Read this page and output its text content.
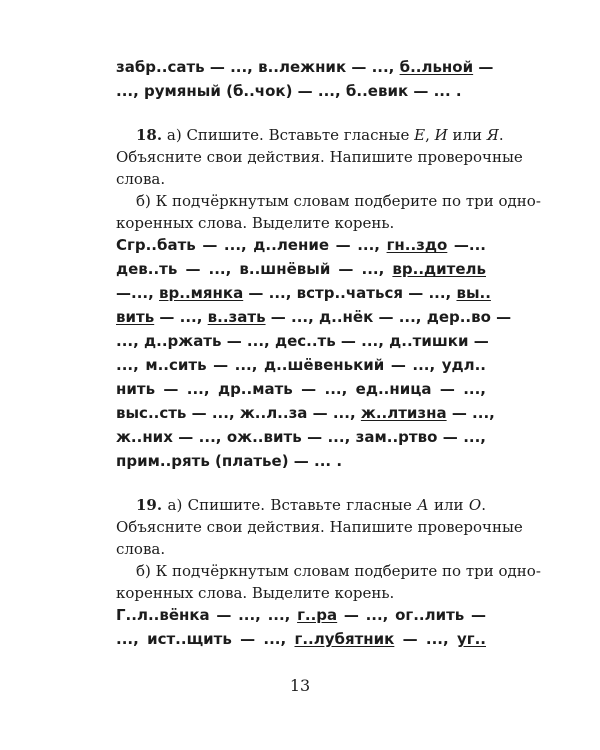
забр..сать — ..., в..лежник — ..., б..льной —
..., румяный (б..чок) — ..., б..евик — ... .
18. а) Спишите. Вставьте гласные Е, И или Я.
Объясните свои действия. Напишите проверочные
слова.
б) К подчёркнутым словам подберите по три одно-
коренных слова. Выделите корень.
Сгр..бать — ..., д..ление — ..., гн..здо —...
дев..ть — ..., в..шнёвый — ..., вр..дитель
—..., вр..мянка — ..., встр..чаться — ..., вы..
вить — ..., в..зать — ..., д..нёк — ..., дер..во —
..., д..ржать — ..., дес..ть — ..., д..тишки —
..., м..сить — ..., д..шёвенький — ..., удл..
нить — ..., др..мать — ..., ед..ница — ...,
выс..сть — ..., ж..л..за — ..., ж..лтизна — ...,
ж..них — ..., ож..вить — ..., зам..ртво — ...,
прим..рять (платье) — ... .
19. а) Спишите. Вставьте гласные А или О.
Объясните свои действия. Напишите проверочные
слова.
б) К подчёркнутым словам подберите по три одно-
коренных слова. Выделите корень.
Г..л..вёнка — ..., ..., г..ра — ..., ог..лить —
..., ист..щить — ..., г..лубятник — ..., уг..
13
